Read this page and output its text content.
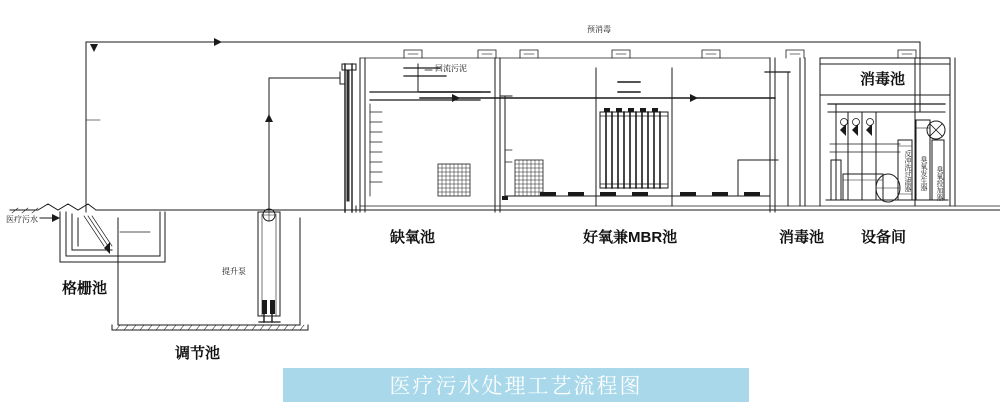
医疗污水
预消毒
回流污泥
提升泵
格栅池
调节池
缺氧池	好氧兼MBR池	消毒池 设备间
消毒池
反冲洗过滤器 臭氧发生器 臭氧投加器
医疗污水处理工艺流程图
